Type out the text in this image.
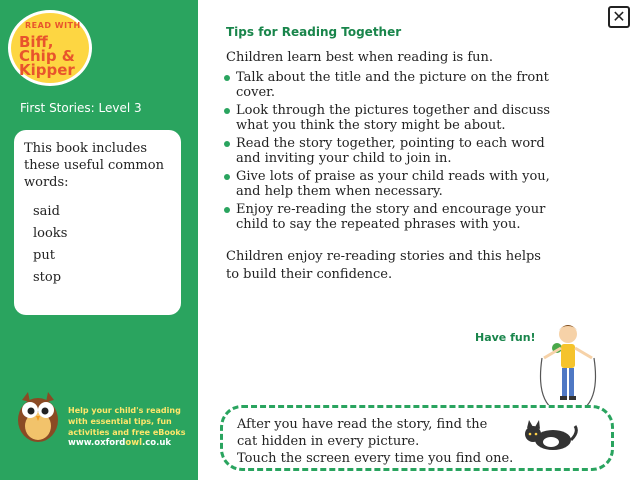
READ WITH
Biff,
Chip &
Kipper
First Stories: Level 3

This book includes these useful common words:

said
looks
put
stop
Help your child's reading with essential tips, fun activities and free eBooks
www.oxfordowl.co.uk
✕
Tips for Reading Together
Children learn best when reading is fun.
Talk about the title and the picture on the front cover.
Look through the pictures together and discuss what you think the story might be about.
Read the story together, pointing to each word and inviting your child to join in.
Give lots of praise as your child reads with you, and help them when necessary.
Enjoy re-reading the story and encourage your child to say the repeated phrases with you.
Children enjoy re-reading stories and this helps to build their confidence.
Have fun!
After you have read the story, find the
cat hidden in every picture.
Touch the screen every time you find one.
